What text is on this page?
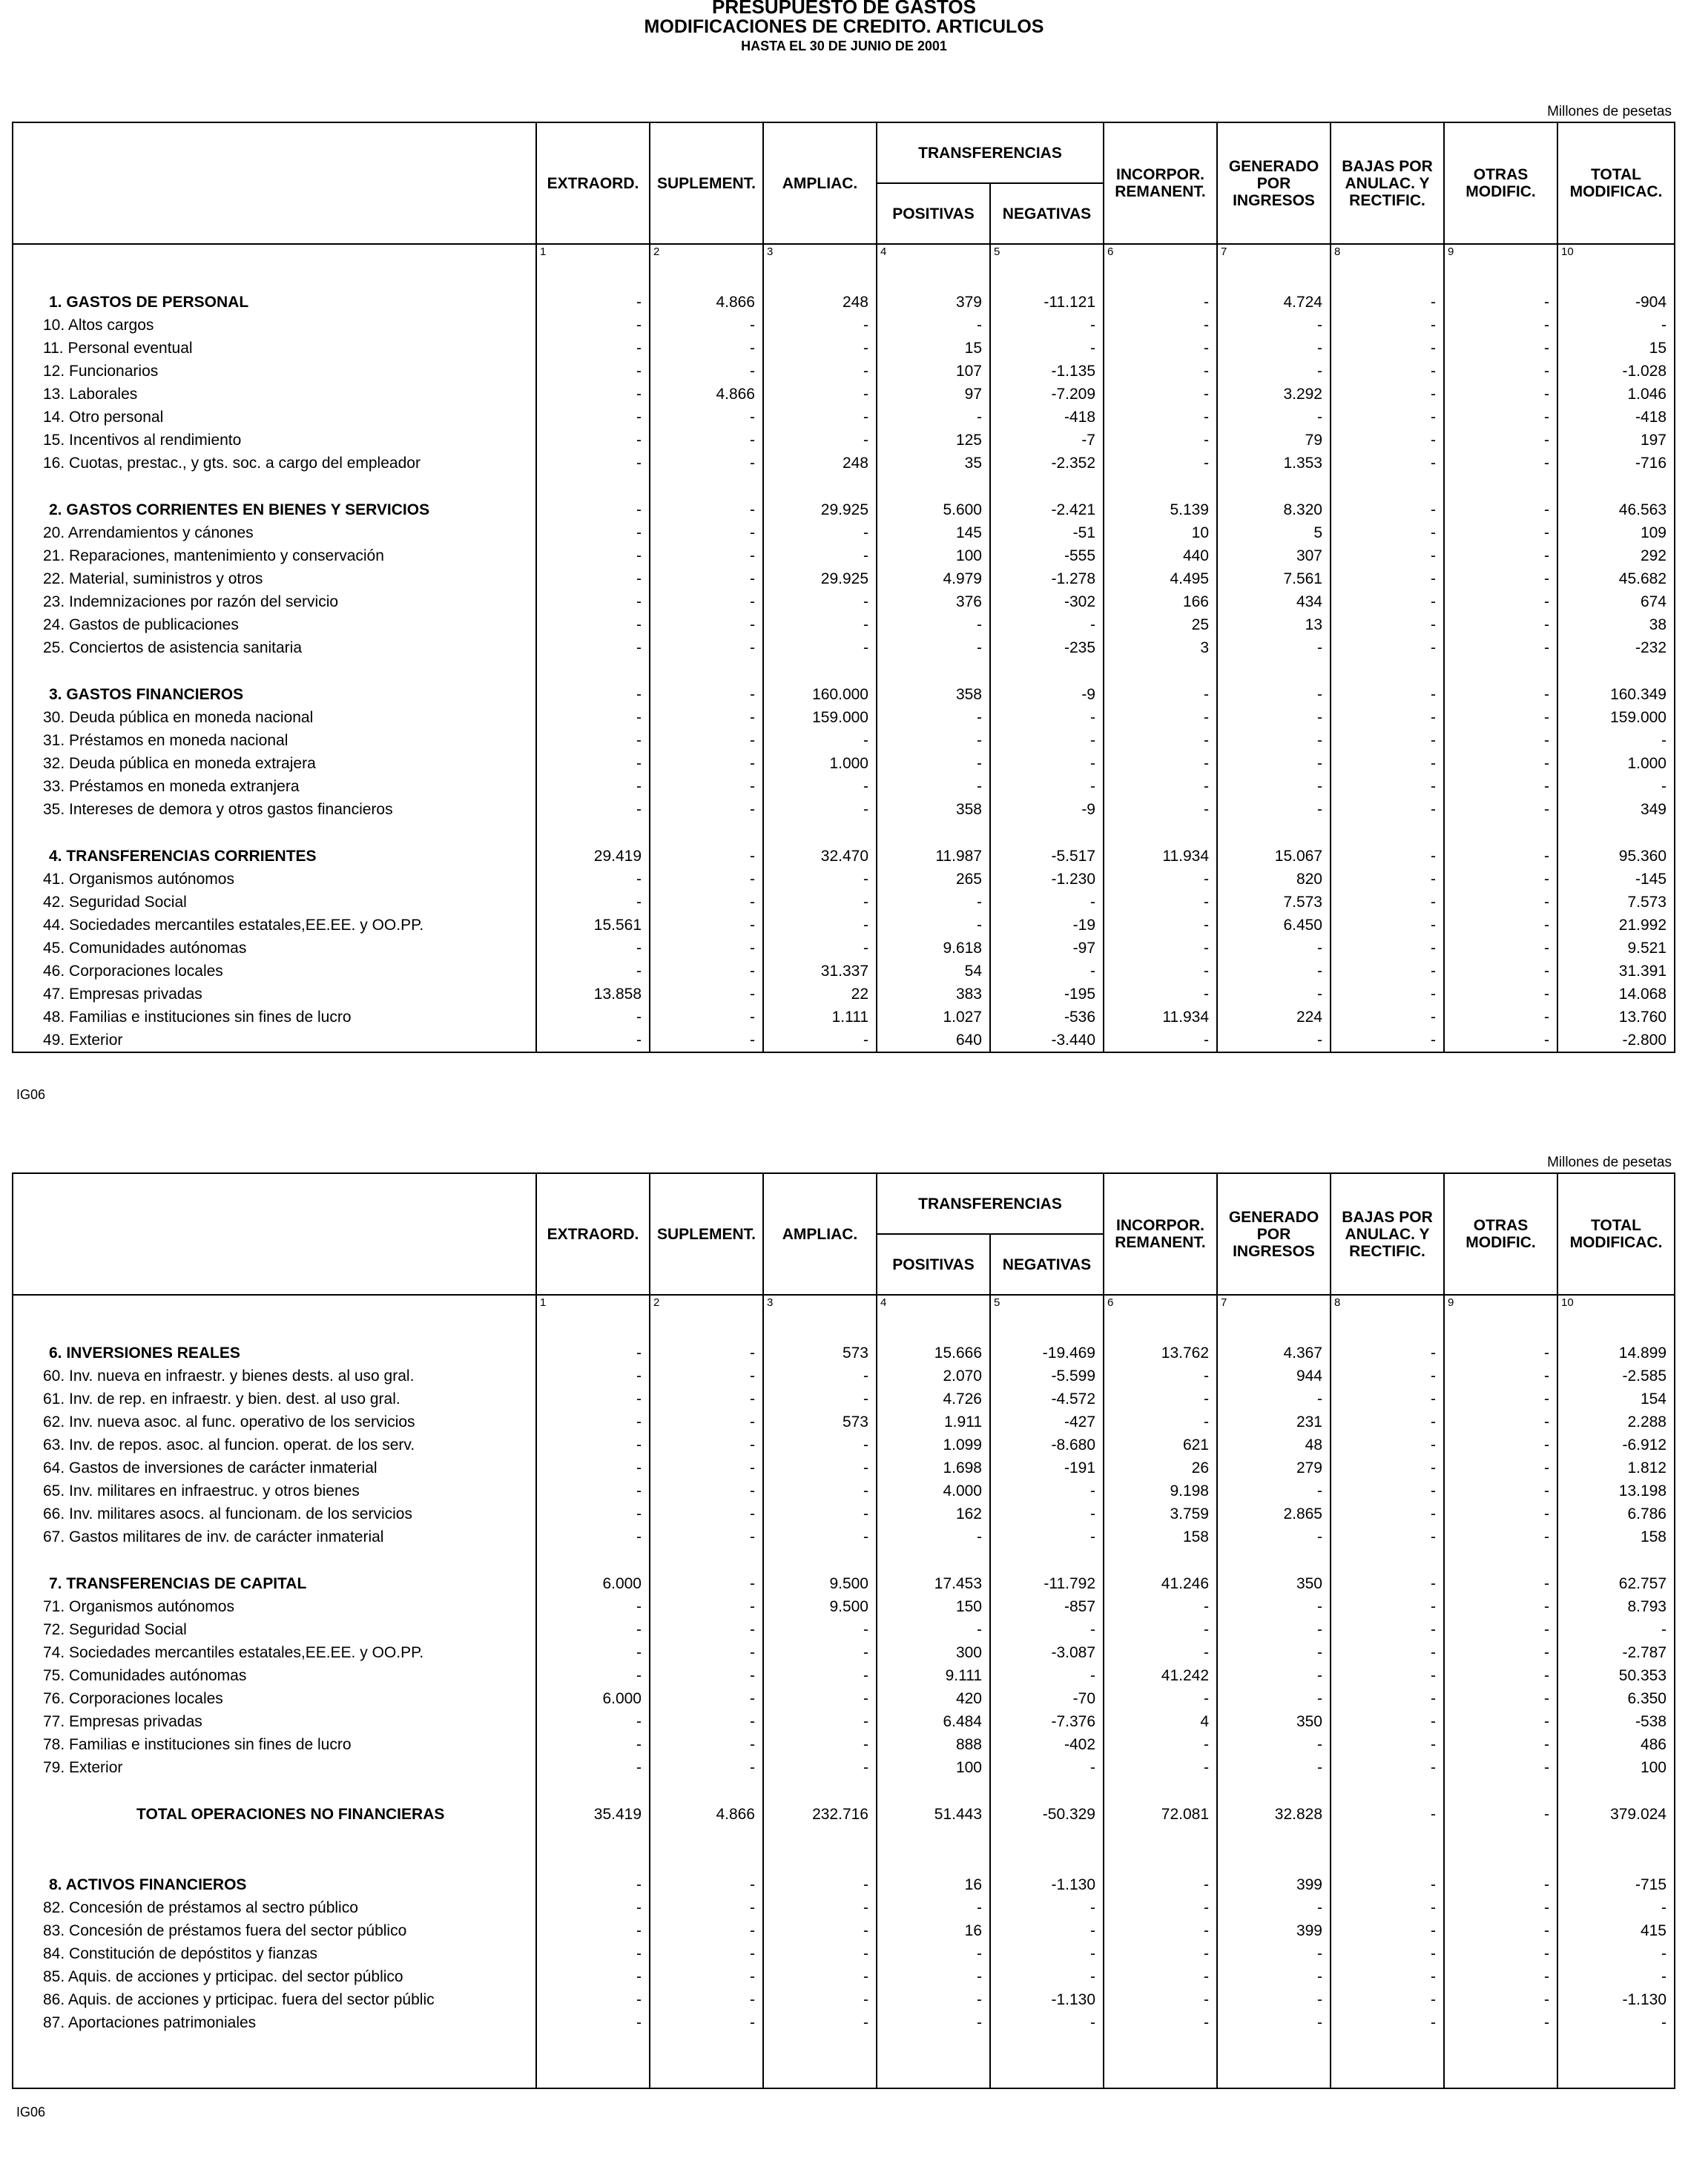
PRESUPUESTO DE GASTOS
MODIFICACIONES DE CREDITO. ARTICULOS
HASTA EL 30 DE JUNIO DE 2001
Millones de pesetas
	EXTRAORD.	SUPLEMENT.	AMPLIAC.	TRANSFERENCIAS		INCORPOR. REMANENT.	GENERADO POR INGRESOS	BAJAS POR ANULAC. Y RECTIFIC.	OTRAS MODIFIC.	TOTAL MODIFICAC.
				POSITIVAS	NEGATIVAS					
	1	2	3	4	5	6	7	8	9	10

1. GASTOS DE PERSONAL	-	4.866	248	379	-11.121	-	4.724	-	-	-904
10. Altos cargos	-	-	-	-	-	-	-	-	-	-
11. Personal eventual	-	-	-	15	-	-	-	-	-	15
12. Funcionarios	-	-	-	107	-1.135	-	-	-	-	-1.028
13. Laborales	-	4.866	-	97	-7.209	-	3.292	-	-	1.046
14. Otro personal	-	-	-	-	-418	-	-	-	-	-418
15. Incentivos al rendimiento	-	-	-	125	-7	-	79	-	-	197
16. Cuotas, prestac., y gts. soc. a cargo del empleador	-	-	248	35	-2.352	-	1.353	-	-	-716

2. GASTOS CORRIENTES EN BIENES Y SERVICIOS	-	-	29.925	5.600	-2.421	5.139	8.320	-	-	46.563
20. Arrendamientos y cánones	-	-	-	145	-51	10	5	-	-	109
21. Reparaciones, mantenimiento y conservación	-	-	-	100	-555	440	307	-	-	292
22. Material, suministros y otros	-	-	29.925	4.979	-1.278	4.495	7.561	-	-	45.682
23. Indemnizaciones por razón del servicio	-	-	-	376	-302	166	434	-	-	674
24. Gastos de publicaciones	-	-	-	-	-	25	13	-	-	38
25. Conciertos de asistencia sanitaria	-	-	-	-	-235	3	-	-	-	-232

3. GASTOS FINANCIEROS	-	-	160.000	358	-9	-	-	-	-	160.349
30. Deuda pública en moneda nacional	-	-	159.000	-	-	-	-	-	-	159.000
31. Préstamos en moneda nacional	-	-	-	-	-	-	-	-	-	-
32. Deuda pública en moneda extrajera	-	-	1.000	-	-	-	-	-	-	1.000
33. Préstamos en moneda extranjera	-	-	-	-	-	-	-	-	-	-
35. Intereses de demora y otros gastos financieros	-	-	-	358	-9	-	-	-	-	349

4. TRANSFERENCIAS CORRIENTES	29.419	-	32.470	11.987	-5.517	11.934	15.067	-	-	95.360
41. Organismos autónomos	-	-	-	265	-1.230	-	820	-	-	-145
42. Seguridad Social	-	-	-	-	-	-	7.573	-	-	7.573
44. Sociedades mercantiles estatales,EE.EE. y OO.PP.	15.561	-	-	-	-19	-	6.450	-	-	21.992
45. Comunidades autónomas	-	-	-	9.618	-97	-	-	-	-	9.521
46. Corporaciones locales	-	-	31.337	54	-	-	-	-	-	31.391
47. Empresas privadas	13.858	-	22	383	-195	-	-	-	-	14.068
48. Familias e instituciones sin fines de lucro	-	-	1.111	1.027	-536	11.934	224	-	-	13.760
49. Exterior	-	-	-	640	-3.440	-	-	-	-	-2.800
IG06
Millones de pesetas
	EXTRAORD.	SUPLEMENT.	AMPLIAC.	TRANSFERENCIAS		INCORPOR. REMANENT.	GENERADO POR INGRESOS	BAJAS POR ANULAC. Y RECTIFIC.	OTRAS MODIFIC.	TOTAL MODIFICAC.
				POSITIVAS	NEGATIVAS					
	1	2	3	4	5	6	7	8	9	10

6. INVERSIONES REALES	-	-	573	15.666	-19.469	13.762	4.367	-	-	14.899
60. Inv. nueva en infraestr. y bienes dests. al uso gral.	-	-	-	2.070	-5.599	-	944	-	-	-2.585
61. Inv. de rep. en infraestr. y bien. dest. al uso gral.	-	-	-	4.726	-4.572	-	-	-	-	154
62. Inv. nueva asoc. al func. operativo de los servicios	-	-	573	1.911	-427	-	231	-	-	2.288
63. Inv. de repos. asoc. al funcion. operat. de los serv.	-	-	-	1.099	-8.680	621	48	-	-	-6.912
64. Gastos de inversiones de carácter inmaterial	-	-	-	1.698	-191	26	279	-	-	1.812
65. Inv. militares en infraestruc. y otros bienes	-	-	-	4.000	-	9.198	-	-	-	13.198
66. Inv. militares asocs. al funcionam. de los servicios	-	-	-	162	-	3.759	2.865	-	-	6.786
67. Gastos militares de inv. de carácter inmaterial	-	-	-	-	-	158	-	-	-	158

7. TRANSFERENCIAS DE CAPITAL	6.000	-	9.500	17.453	-11.792	41.246	350	-	-	62.757
71. Organismos autónomos	-	-	9.500	150	-857	-	-	-	-	8.793
72. Seguridad Social	-	-	-	-	-	-	-	-	-	-
74. Sociedades mercantiles estatales,EE.EE. y OO.PP.	-	-	-	300	-3.087	-	-	-	-	-2.787
75. Comunidades autónomas	-	-	-	9.111	-	41.242	-	-	-	50.353
76. Corporaciones locales	6.000	-	-	420	-70	-	-	-	-	6.350
77. Empresas privadas	-	-	-	6.484	-7.376	4	350	-	-	-538
78. Familias e instituciones sin fines de lucro	-	-	-	888	-402	-	-	-	-	486
79. Exterior	-	-	-	100	-	-	-	-	-	100

TOTAL OPERACIONES NO FINANCIERAS	35.419	4.866	232.716	51.443	-50.329	72.081	32.828	-	-	379.024

8. ACTIVOS FINANCIEROS	-	-	-	16	-1.130	-	399	-	-	-715
82. Concesión de préstamos al sectro público	-	-	-	-	-	-	-	-	-	-
83. Concesión de préstamos fuera del sector público	-	-	-	16	-	-	399	-	-	415
84. Constitución de depóstitos y fianzas	-	-	-	-	-	-	-	-	-	-
85. Aquis. de acciones y prticipac. del sector público	-	-	-	-	-	-	-	-	-	-
86. Aquis. de acciones y prticipac. fuera del sector públic	-	-	-	-	-1.130	-	-	-	-	-1.130
87. Aportaciones patrimoniales	-	-	-	-	-	-	-	-	-	-

IG06
